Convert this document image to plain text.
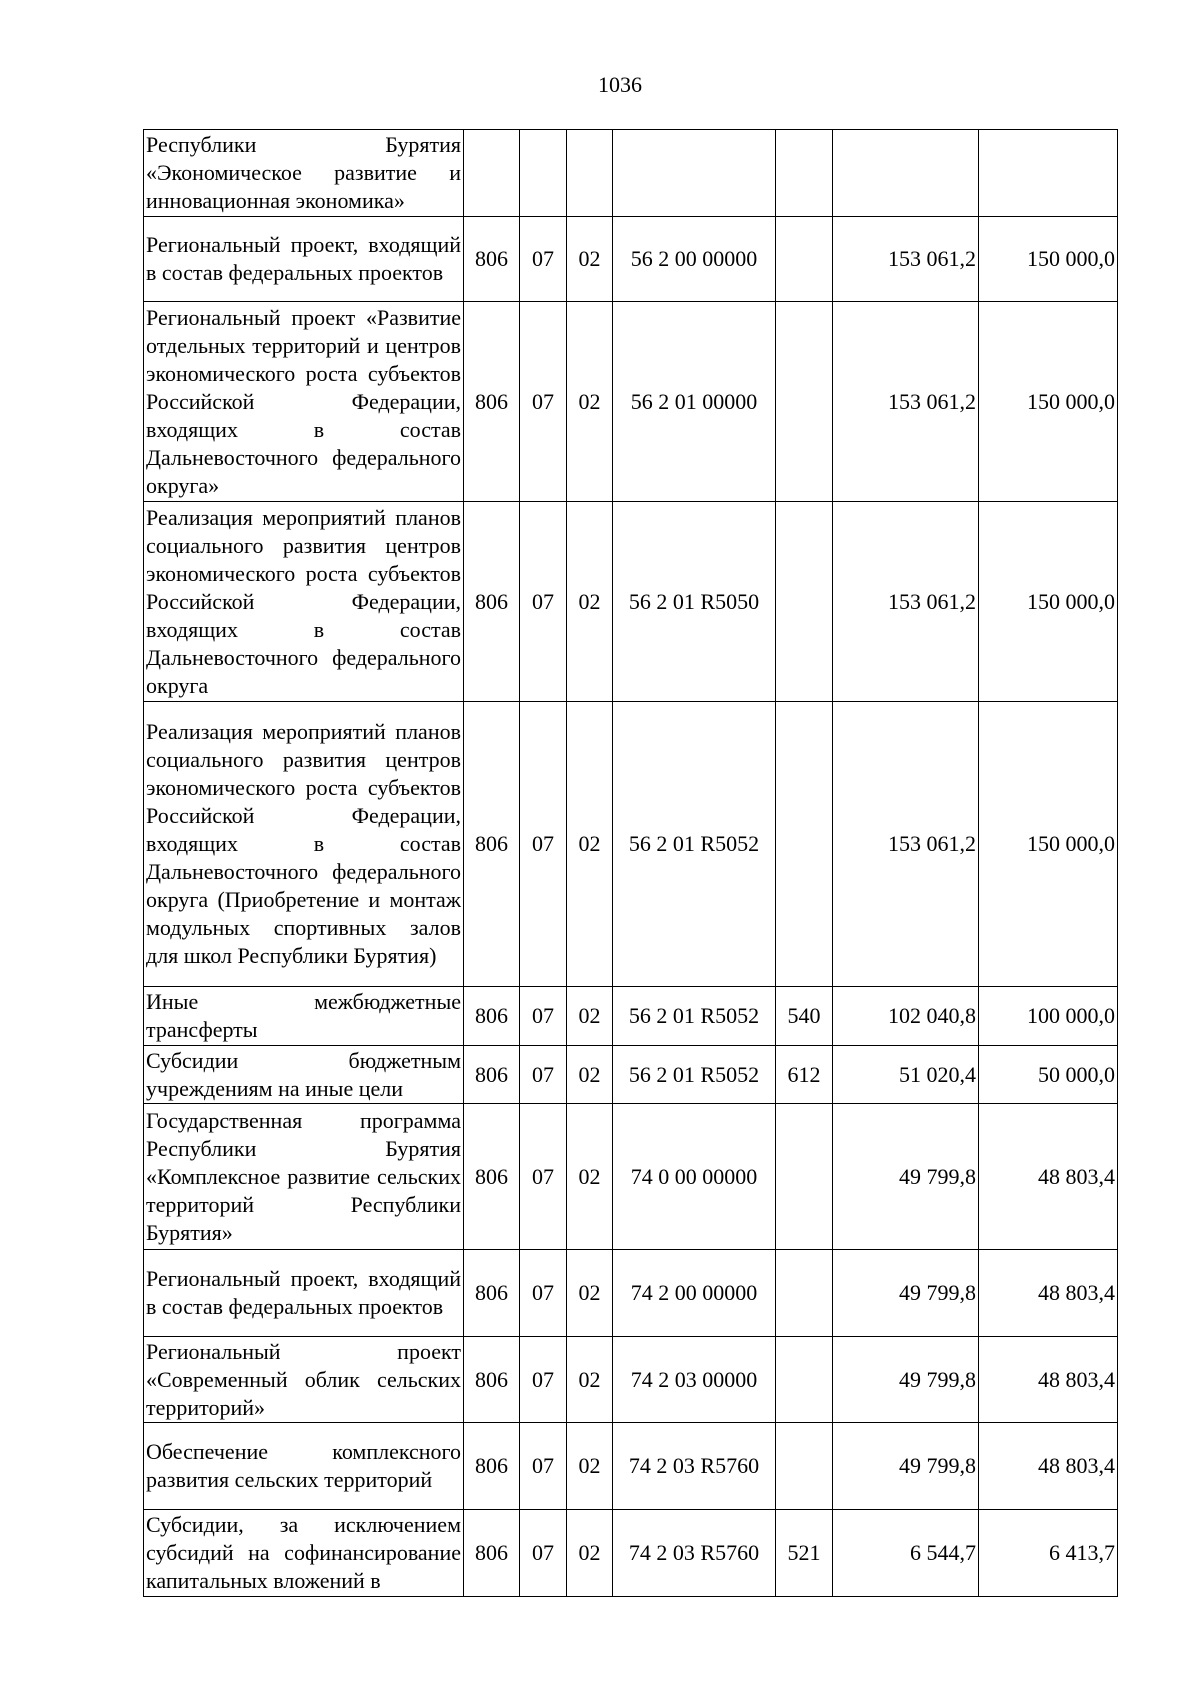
1036
Республики Бурятия «Экономическое развитие и инновационная экономика»							
Региональный проект, входящий в состав федеральных проектов	806	07	02	56 2 00 00000		153 061,2	150 000,0
Региональный проект «Развитие отдельных территорий и центров экономического роста субъектов Российской Федерации, входящих в состав Дальневосточного федерального округа»	806	07	02	56 2 01 00000		153 061,2	150 000,0
Реализация мероприятий планов социального развития центров экономического роста субъектов Российской Федерации, входящих в состав Дальневосточного федерального округа	806	07	02	56 2 01 R5050		153 061,2	150 000,0
Реализация мероприятий планов социального развития центров экономического роста субъектов Российской Федерации, входящих в состав Дальневосточного федерального округа (Приобретение и монтаж модульных спортивных залов для школ Республики Бурятия)	806	07	02	56 2 01 R5052		153 061,2	150 000,0
Иные межбюджетные трансферты	806	07	02	56 2 01 R5052	540	102 040,8	100 000,0
Субсидии бюджетным учреждениям на иные цели	806	07	02	56 2 01 R5052	612	51 020,4	50 000,0
Государственная программа Республики Бурятия «Комплексное развитие сельских территорий Республики Бурятия»	806	07	02	74 0 00 00000		49 799,8	48 803,4
Региональный проект, входящий в состав федеральных проектов	806	07	02	74 2 00 00000		49 799,8	48 803,4
Региональный проект «Современный облик сельских территорий»	806	07	02	74 2 03 00000		49 799,8	48 803,4
Обеспечение комплексного развития сельских территорий	806	07	02	74 2 03 R5760		49 799,8	48 803,4
Субсидии, за исключением субсидий на софинансирование капитальных вложений в	806	07	02	74 2 03 R5760	521	6 544,7	6 413,7
